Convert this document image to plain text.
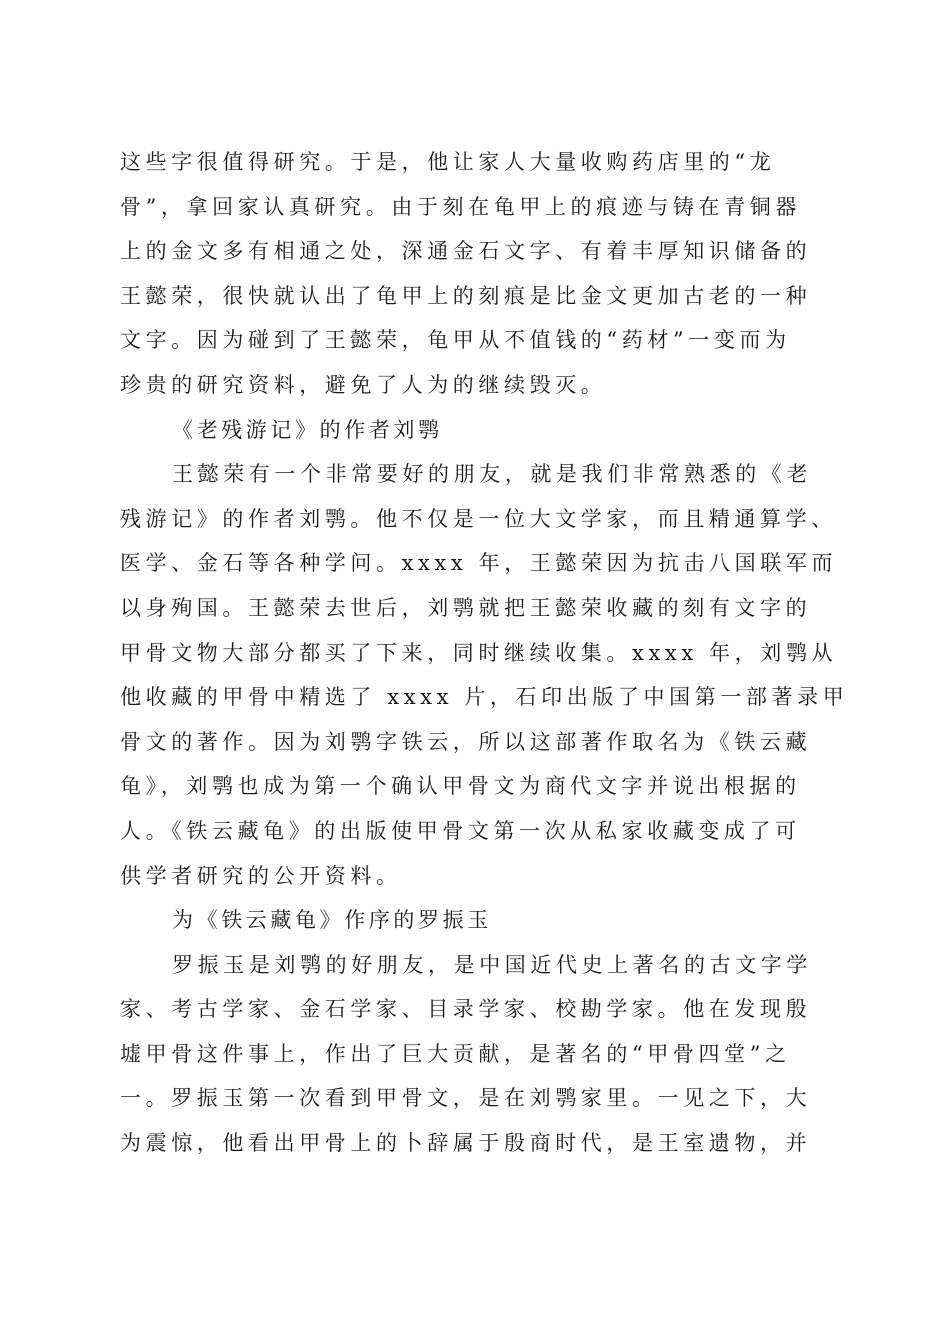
这些字很值得研究。于是，他让家人大量收购药店里的“龙
骨”，拿回家认真研究。由于刻在龟甲上的痕迹与铸在青铜器
上的金文多有相通之处，深通金石文字、有着丰厚知识储备的
王懿荣，很快就认出了龟甲上的刻痕是比金文更加古老的一种
文字。因为碰到了王懿荣，龟甲从不值钱的“药材”一变而为
珍贵的研究资料，避免了人为的继续毁灭。
《老残游记》的作者刘鹗
王懿荣有一个非常要好的朋友，就是我们非常熟悉的《老
残游记》的作者刘鹗。他不仅是一位大文学家，而且精通算学、
医学、金石等各种学问。xxxx 年，王懿荣因为抗击八国联军而
以身殉国。王懿荣去世后，刘鹗就把王懿荣收藏的刻有文字的
甲骨文物大部分都买了下来，同时继续收集。xxxx 年，刘鹗从
他收藏的甲骨中精选了 xxxx 片，石印出版了中国第一部著录甲
骨文的著作。因为刘鹗字铁云，所以这部著作取名为《铁云藏
龟》，刘鹗也成为第一个确认甲骨文为商代文字并说出根据的
人。《铁云藏龟》的出版使甲骨文第一次从私家收藏变成了可
供学者研究的公开资料。
为《铁云藏龟》作序的罗振玉
罗振玉是刘鹗的好朋友，是中国近代史上著名的古文字学
家、考古学家、金石学家、目录学家、校勘学家。他在发现殷
墟甲骨这件事上，作出了巨大贡献，是著名的“甲骨四堂”之
一。罗振玉第一次看到甲骨文，是在刘鹗家里。一见之下，大
为震惊，他看出甲骨上的卜辞属于殷商时代，是王室遗物，并
